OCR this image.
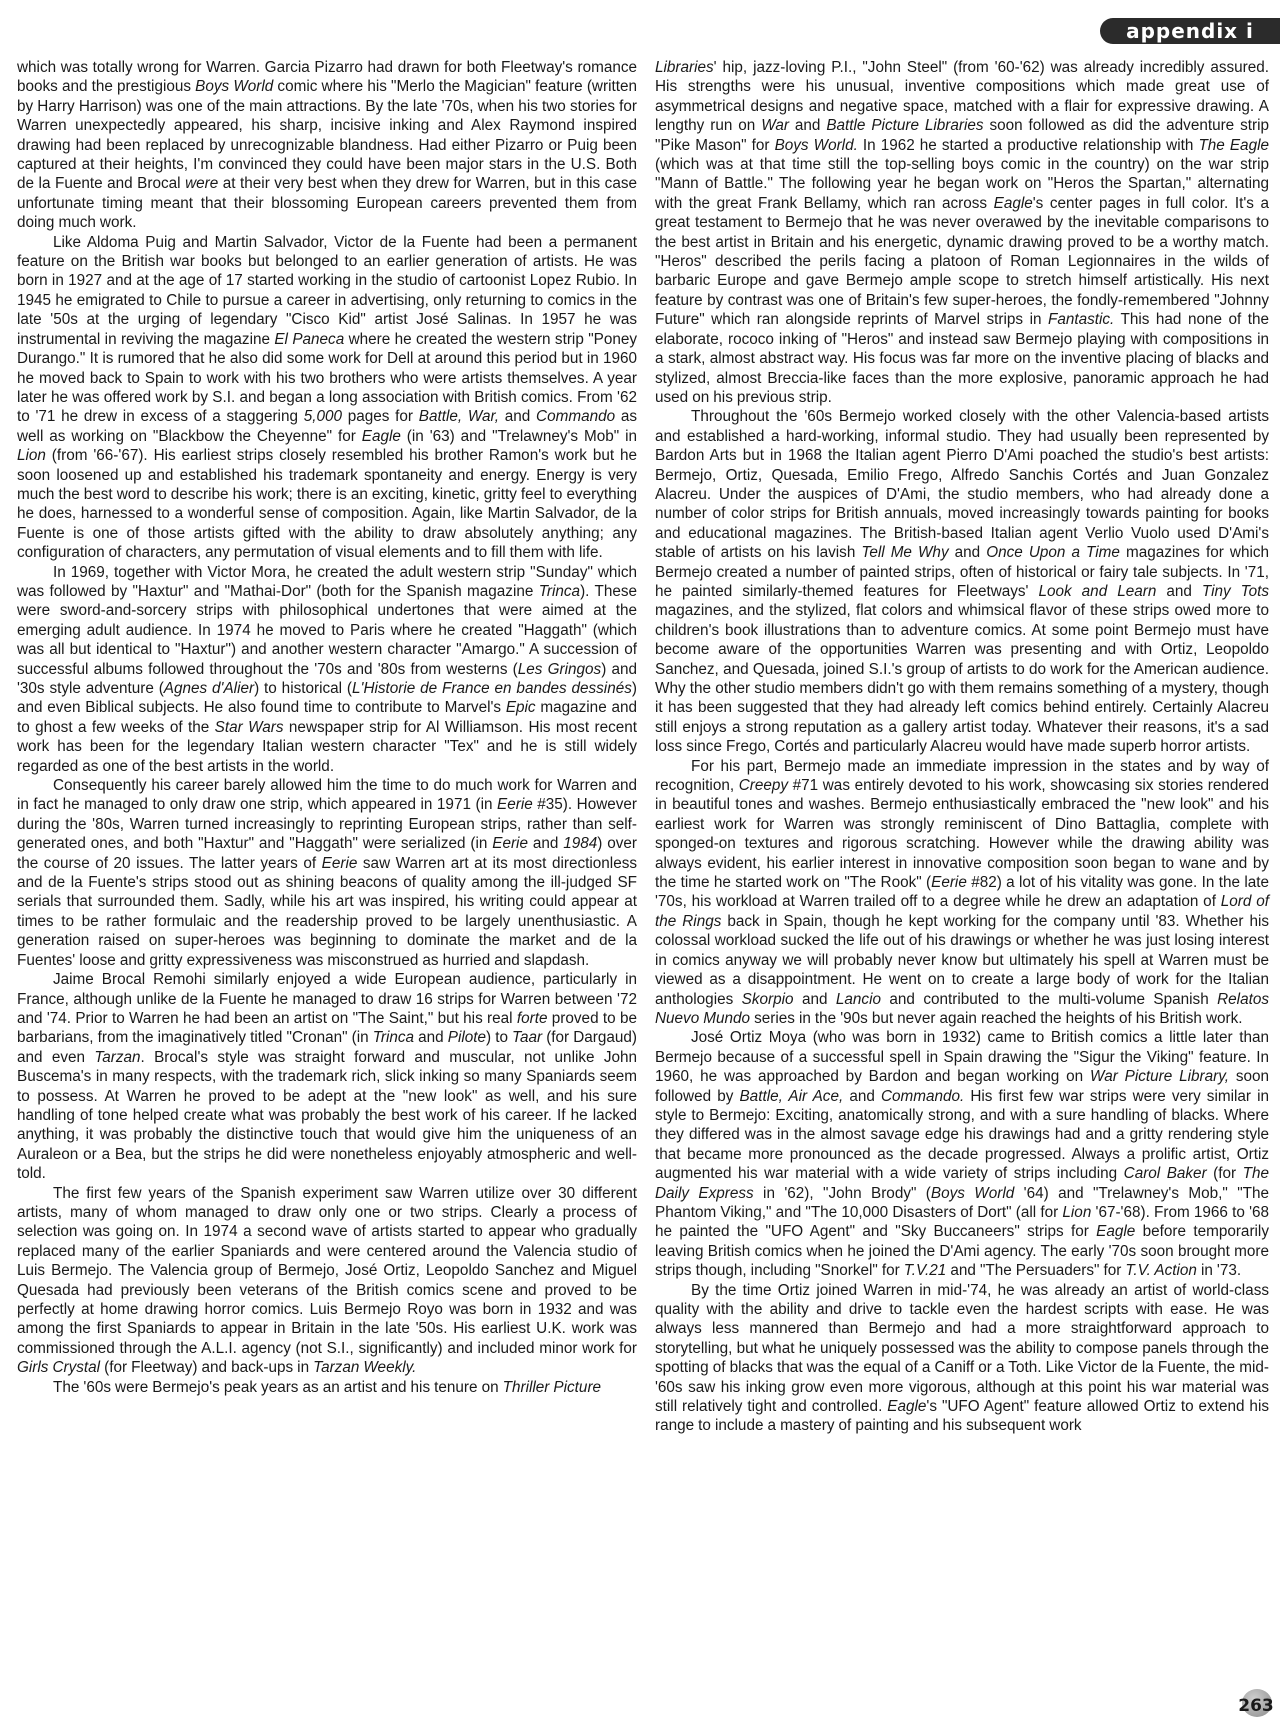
appendix i

which was totally wrong for Warren. Garcia Pizarro had drawn for both Fleetway's romance books and the prestigious Boys World comic where his "Merlo the Magician" feature (written by Harry Harrison) was one of the main attractions. By the late '70s, when his two stories for Warren unexpectedly appeared, his sharp, incisive inking and Alex Raymond inspired drawing had been replaced by unrecognizable blandness. Had either Pizarro or Puig been captured at their heights, I'm convinced they could have been major stars in the U.S. Both de la Fuente and Brocal were at their very best when they drew for Warren, but in this case unfortunate timing meant that their blossoming European careers prevented them from doing much work.

Like Aldoma Puig and Martin Salvador, Victor de la Fuente had been a permanent feature on the British war books but belonged to an earlier generation of artists. He was born in 1927 and at the age of 17 started working in the studio of cartoonist Lopez Rubio. In 1945 he emigrated to Chile to pursue a career in advertising, only returning to comics in the late '50s at the urging of legendary "Cisco Kid" artist José Salinas. In 1957 he was instrumental in reviving the magazine El Paneca where he created the western strip "Poney Durango." It is rumored that he also did some work for Dell at around this period but in 1960 he moved back to Spain to work with his two brothers who were artists themselves. A year later he was offered work by S.I. and began a long association with British comics. From '62 to '71 he drew in excess of a staggering 5,000 pages for Battle, War, and Commando as well as working on "Blackbow the Cheyenne" for Eagle (in '63) and "Trelawney's Mob" in Lion (from '66-'67). His earliest strips closely resembled his brother Ramon's work but he soon loosened up and established his trademark spontaneity and energy. Energy is very much the best word to describe his work; there is an exciting, kinetic, gritty feel to everything he does, harnessed to a wonderful sense of composition. Again, like Martin Salvador, de la Fuente is one of those artists gifted with the ability to draw absolutely anything; any configuration of characters, any permutation of visual elements and to fill them with life.

In 1969, together with Victor Mora, he created the adult western strip "Sunday" which was followed by "Haxtur" and "Mathai-Dor" (both for the Spanish magazine Trinca). These were sword-and-sorcery strips with philosophical undertones that were aimed at the emerging adult audience. In 1974 he moved to Paris where he created "Haggath" (which was all but identical to "Haxtur") and another western character "Amargo." A succession of successful albums followed throughout the '70s and '80s from westerns (Les Gringos) and '30s style adventure (Agnes d'Alier) to historical (L'Historie de France en bandes dessinés) and even Biblical subjects. He also found time to contribute to Marvel's Epic magazine and to ghost a few weeks of the Star Wars newspaper strip for Al Williamson. His most recent work has been for the legendary Italian western character "Tex" and he is still widely regarded as one of the best artists in the world.

Consequently his career barely allowed him the time to do much work for Warren and in fact he managed to only draw one strip, which appeared in 1971 (in Eerie #35). However during the '80s, Warren turned increasingly to reprinting European strips, rather than self-generated ones, and both "Haxtur" and "Haggath" were serialized (in Eerie and 1984) over the course of 20 issues. The latter years of Eerie saw Warren art at its most directionless and de la Fuente's strips stood out as shining beacons of quality among the ill-judged SF serials that surrounded them. Sadly, while his art was inspired, his writing could appear at times to be rather formulaic and the readership proved to be largely unenthusiastic. A generation raised on super-heroes was beginning to dominate the market and de la Fuentes' loose and gritty expressiveness was misconstrued as hurried and slapdash.

Jaime Brocal Remohi similarly enjoyed a wide European audience, particularly in France, although unlike de la Fuente he managed to draw 16 strips for Warren between '72 and '74. Prior to Warren he had been an artist on "The Saint," but his real forte proved to be barbarians, from the imaginatively titled "Cronan" (in Trinca and Pilote) to Taar (for Dargaud) and even Tarzan. Brocal's style was straight forward and muscular, not unlike John Buscema's in many respects, with the trademark rich, slick inking so many Spaniards seem to possess. At Warren he proved to be adept at the "new look" as well, and his sure handling of tone helped create what was probably the best work of his career. If he lacked anything, it was probably the distinctive touch that would give him the uniqueness of an Auraleon or a Bea, but the strips he did were nonetheless enjoyably atmospheric and well-told.

The first few years of the Spanish experiment saw Warren utilize over 30 different artists, many of whom managed to draw only one or two strips. Clearly a process of selection was going on. In 1974 a second wave of artists started to appear who gradually replaced many of the earlier Spaniards and were centered around the Valencia studio of Luis Bermejo. The Valencia group of Bermejo, José Ortiz, Leopoldo Sanchez and Miguel Quesada had previously been veterans of the British comics scene and proved to be perfectly at home drawing horror comics. Luis Bermejo Royo was born in 1932 and was among the first Spaniards to appear in Britain in the late '50s. His earliest U.K. work was commissioned through the A.L.I. agency (not S.I., significantly) and included minor work for Girls Crystal (for Fleetway) and back-ups in Tarzan Weekly.

The '60s were Bermejo's peak years as an artist and his tenure on Thriller Picture

Libraries' hip, jazz-loving P.I., "John Steel" (from '60-'62) was already incredibly assured. His strengths were his unusual, inventive compositions which made great use of asymmetrical designs and negative space, matched with a flair for expressive drawing. A lengthy run on War and Battle Picture Libraries soon followed as did the adventure strip "Pike Mason" for Boys World. In 1962 he started a productive relationship with The Eagle (which was at that time still the top-selling boys comic in the country) on the war strip "Mann of Battle." The following year he began work on "Heros the Spartan," alternating with the great Frank Bellamy, which ran across Eagle's center pages in full color. It's a great testament to Bermejo that he was never overawed by the inevitable comparisons to the best artist in Britain and his energetic, dynamic drawing proved to be a worthy match. "Heros" described the perils facing a platoon of Roman Legionnaires in the wilds of barbaric Europe and gave Bermejo ample scope to stretch himself artistically. His next feature by contrast was one of Britain's few super-heroes, the fondly-remembered "Johnny Future" which ran alongside reprints of Marvel strips in Fantastic. This had none of the elaborate, rococo inking of "Heros" and instead saw Bermejo playing with compositions in a stark, almost abstract way. His focus was far more on the inventive placing of blacks and stylized, almost Breccia-like faces than the more explosive, panoramic approach he had used on his previous strip.

Throughout the '60s Bermejo worked closely with the other Valencia-based artists and established a hard-working, informal studio. They had usually been represented by Bardon Arts but in 1968 the Italian agent Pierro D'Ami poached the studio's best artists: Bermejo, Ortiz, Quesada, Emilio Frego, Alfredo Sanchis Cortés and Juan Gonzalez Alacreu. Under the auspices of D'Ami, the studio members, who had already done a number of color strips for British annuals, moved increasingly towards painting for books and educational magazines. The British-based Italian agent Verlio Vuolo used D'Ami's stable of artists on his lavish Tell Me Why and Once Upon a Time magazines for which Bermejo created a number of painted strips, often of historical or fairy tale subjects. In '71, he painted similarly-themed features for Fleetways' Look and Learn and Tiny Tots magazines, and the stylized, flat colors and whimsical flavor of these strips owed more to children's book illustrations than to adventure comics. At some point Bermejo must have become aware of the opportunities Warren was presenting and with Ortiz, Leopoldo Sanchez, and Quesada, joined S.I.'s group of artists to do work for the American audience. Why the other studio members didn't go with them remains something of a mystery, though it has been suggested that they had already left comics behind entirely. Certainly Alacreu still enjoys a strong reputation as a gallery artist today. Whatever their reasons, it's a sad loss since Frego, Cortés and particularly Alacreu would have made superb horror artists.

For his part, Bermejo made an immediate impression in the states and by way of recognition, Creepy #71 was entirely devoted to his work, showcasing six stories rendered in beautiful tones and washes. Bermejo enthusiastically embraced the "new look" and his earliest work for Warren was strongly reminiscent of Dino Battaglia, complete with sponged-on textures and rigorous scratching. However while the drawing ability was always evident, his earlier interest in innovative composition soon began to wane and by the time he started work on "The Rook" (Eerie #82) a lot of his vitality was gone. In the late '70s, his workload at Warren trailed off to a degree while he drew an adaptation of Lord of the Rings back in Spain, though he kept working for the company until '83. Whether his colossal workload sucked the life out of his drawings or whether he was just losing interest in comics anyway we will probably never know but ultimately his spell at Warren must be viewed as a disappointment. He went on to create a large body of work for the Italian anthologies Skorpio and Lancio and contributed to the multi-volume Spanish Relatos Nuevo Mundo series in the '90s but never again reached the heights of his British work.

José Ortiz Moya (who was born in 1932) came to British comics a little later than Bermejo because of a successful spell in Spain drawing the "Sigur the Viking" feature. In 1960, he was approached by Bardon and began working on War Picture Library, soon followed by Battle, Air Ace, and Commando. His first few war strips were very similar in style to Bermejo: Exciting, anatomically strong, and with a sure handling of blacks. Where they differed was in the almost savage edge his drawings had and a gritty rendering style that became more pronounced as the decade progressed. Always a prolific artist, Ortiz augmented his war material with a wide variety of strips including Carol Baker (for The Daily Express in '62), "John Brody" (Boys World '64) and "Trelawney's Mob," "The Phantom Viking," and "The 10,000 Disasters of Dort" (all for Lion '67-'68). From 1966 to '68 he painted the "UFO Agent" and "Sky Buccaneers" strips for Eagle before temporarily leaving British comics when he joined the D'Ami agency. The early '70s soon brought more strips though, including "Snorkel" for T.V.21 and "The Persuaders" for T.V. Action in '73.

By the time Ortiz joined Warren in mid-'74, he was already an artist of world-class quality with the ability and drive to tackle even the hardest scripts with ease. He was always less mannered than Bermejo and had a more straightforward approach to storytelling, but what he uniquely possessed was the ability to compose panels through the spotting of blacks that was the equal of a Caniff or a Toth. Like Victor de la Fuente, the mid-'60s saw his inking grow even more vigorous, although at this point his war material was still relatively tight and controlled. Eagle's "UFO Agent" feature allowed Ortiz to extend his range to include a mastery of painting and his subsequent work

263
